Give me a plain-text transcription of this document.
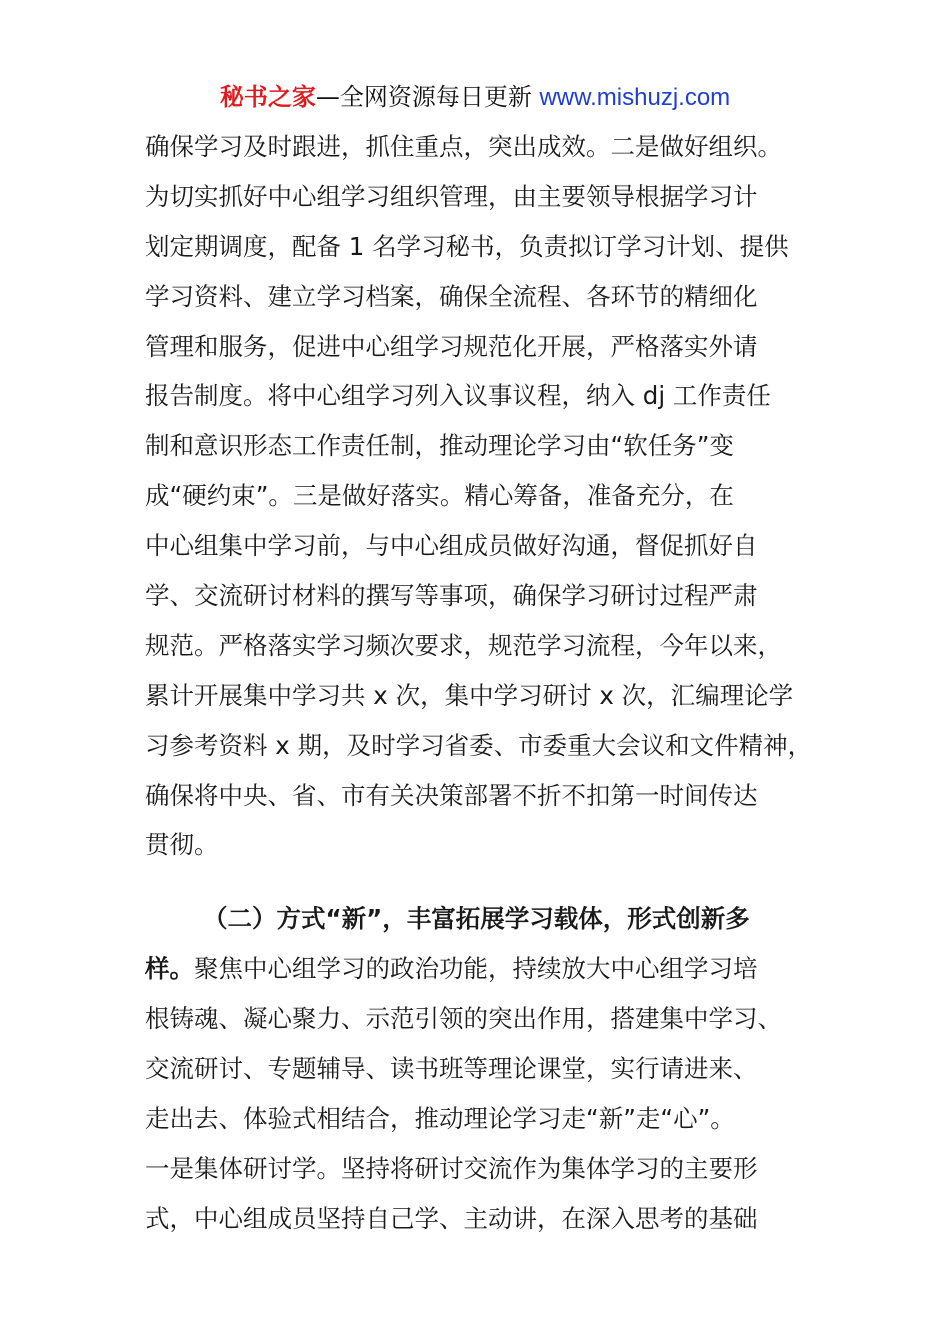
秘书之家—全网资源每日更新 www.mishuzj.com
确保学习及时跟进，抓住重点，突出成效。二是做好组织。
为切实抓好中心组学习组织管理，由主要领导根据学习计
划定期调度，配备 1 名学习秘书，负责拟订学习计划、提供
学习资料、建立学习档案，确保全流程、各环节的精细化
管理和服务，促进中心组学习规范化开展，严格落实外请
报告制度。将中心组学习列入议事议程，纳入 dj 工作责任
制和意识形态工作责任制，推动理论学习由“软任务”变
成“硬约束”。三是做好落实。精心筹备，准备充分，在
中心组集中学习前，与中心组成员做好沟通，督促抓好自
学、交流研讨材料的撰写等事项，确保学习研讨过程严肃
规范。严格落实学习频次要求，规范学习流程，今年以来，
累计开展集中学习共 x 次，集中学习研讨 x 次，汇编理论学
习参考资料 x 期，及时学习省委、市委重大会议和文件精神，
确保将中央、省、市有关决策部署不折不扣第一时间传达
贯彻。
（二）方式“新”，丰富拓展学习载体，形式创新多
样。聚焦中心组学习的政治功能，持续放大中心组学习培
根铸魂、凝心聚力、示范引领的突出作用，搭建集中学习、
交流研讨、专题辅导、读书班等理论课堂，实行请进来、
走出去、体验式相结合，推动理论学习走“新”走“心”。
一是集体研讨学。坚持将研讨交流作为集体学习的主要形
式，中心组成员坚持自己学、主动讲，在深入思考的基础
